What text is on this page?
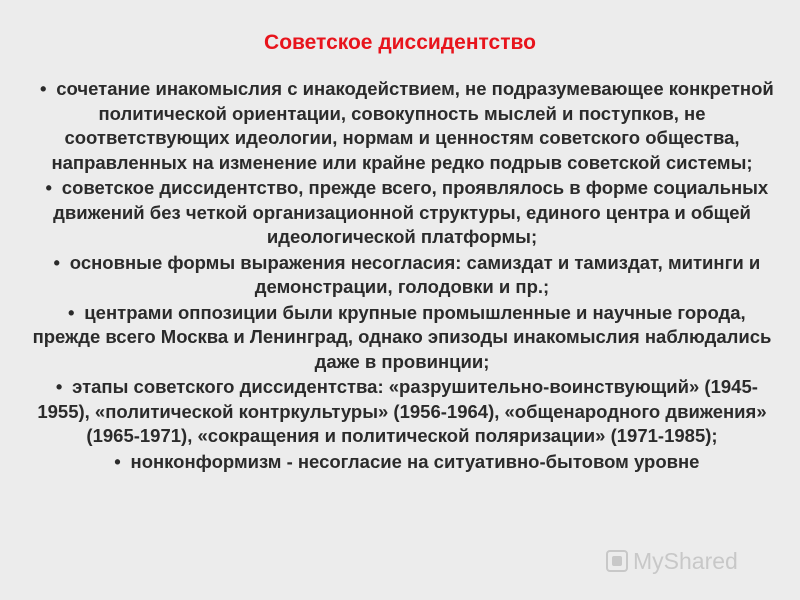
Советское диссидентство
• сочетание инакомыслия с инакодействием, не подразумевающее конкретной политической ориентации, совокупность мыслей и поступков, не соответствующих идеологии, нормам и ценностям советского общества, направленных на изменение или крайне редко подрыв советской системы;
• советское диссидентство, прежде всего, проявлялось в форме социальных движений без четкой организационной структуры, единого центра и общей идеологической платформы;
• основные формы выражения несогласия: самиздат и тамиздат, митинги и демонстрации, голодовки и пр.;
• центрами оппозиции были крупные промышленные и научные города, прежде всего Москва и Ленинград, однако эпизоды инакомыслия наблюдались даже в провинции;
• этапы советского диссидентства: «разрушительно-воинствующий» (1945-1955), «политической контркультуры» (1956-1964), «общенародного движения» (1965-1971), «сокращения и политической поляризации» (1971-1985);
• нонконформизм - несогласие на ситуативно-бытовом уровне
MyShared
